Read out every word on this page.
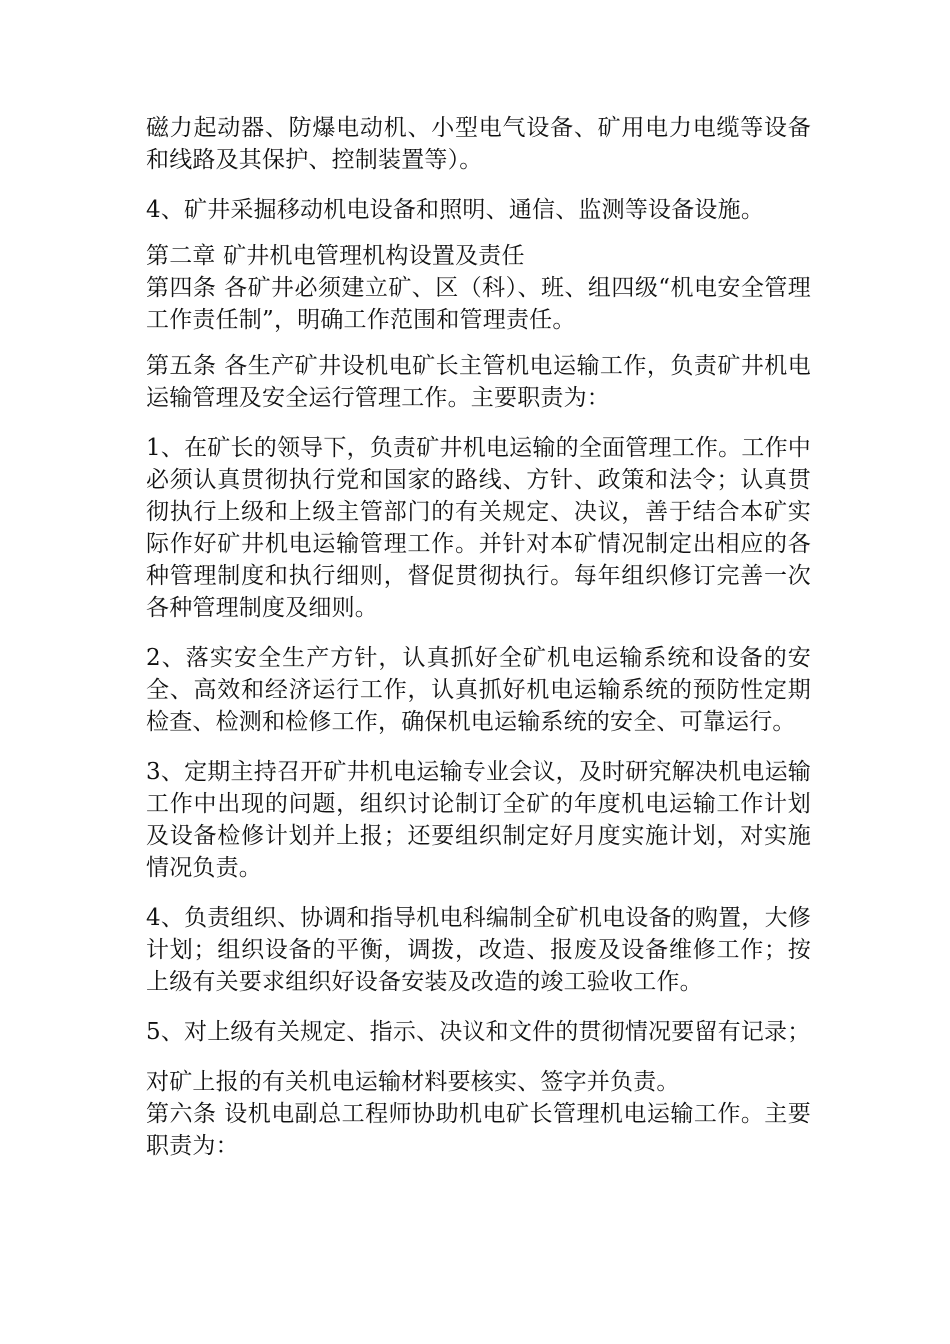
磁力起动器、防爆电动机、小型电气设备、矿用电力电缆等设备和线路及其保护、控制装置等）。

4、矿井采掘移动机电设备和照明、通信、监测等设备设施。

第二章 矿井机电管理机构设置及责任

第四条 各矿井必须建立矿、区（科）、班、组四级“机电安全管理工作责任制”，明确工作范围和管理责任。

第五条 各生产矿井设机电矿长主管机电运输工作，负责矿井机电运输管理及安全运行管理工作。主要职责为：

1、在矿长的领导下，负责矿井机电运输的全面管理工作。工作中必须认真贯彻执行党和国家的路线、方针、政策和法令；认真贯彻执行上级和上级主管部门的有关规定、决议，善于结合本矿实际作好矿井机电运输管理工作。并针对本矿情况制定出相应的各种管理制度和执行细则，督促贯彻执行。每年组织修订完善一次各种管理制度及细则。

2、落实安全生产方针，认真抓好全矿机电运输系统和设备的安全、高效和经济运行工作，认真抓好机电运输系统的预防性定期检查、检测和检修工作，确保机电运输系统的安全、可靠运行。

3、定期主持召开矿井机电运输专业会议，及时研究解决机电运输工作中出现的问题，组织讨论制订全矿的年度机电运输工作计划及设备检修计划并上报；还要组织制定好月度实施计划，对实施情况负责。

4、负责组织、协调和指导机电科编制全矿机电设备的购置，大修计划；组织设备的平衡，调拨，改造、报废及设备维修工作；按上级有关要求组织好设备安装及改造的竣工验收工作。

5、对上级有关规定、指示、决议和文件的贯彻情况要留有记录；

对矿上报的有关机电运输材料要核实、签字并负责。

第六条 设机电副总工程师协助机电矿长管理机电运输工作。主要职责为：
